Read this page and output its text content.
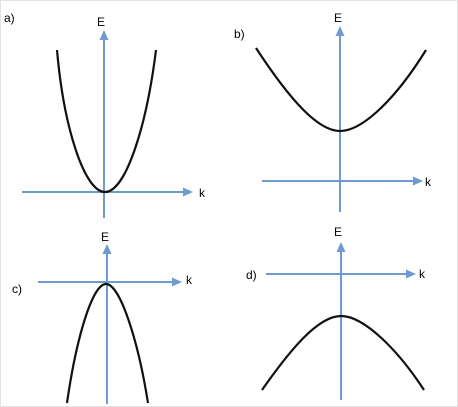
a)	E
k
b)
E
k
c)
E
k	d)
E
k
